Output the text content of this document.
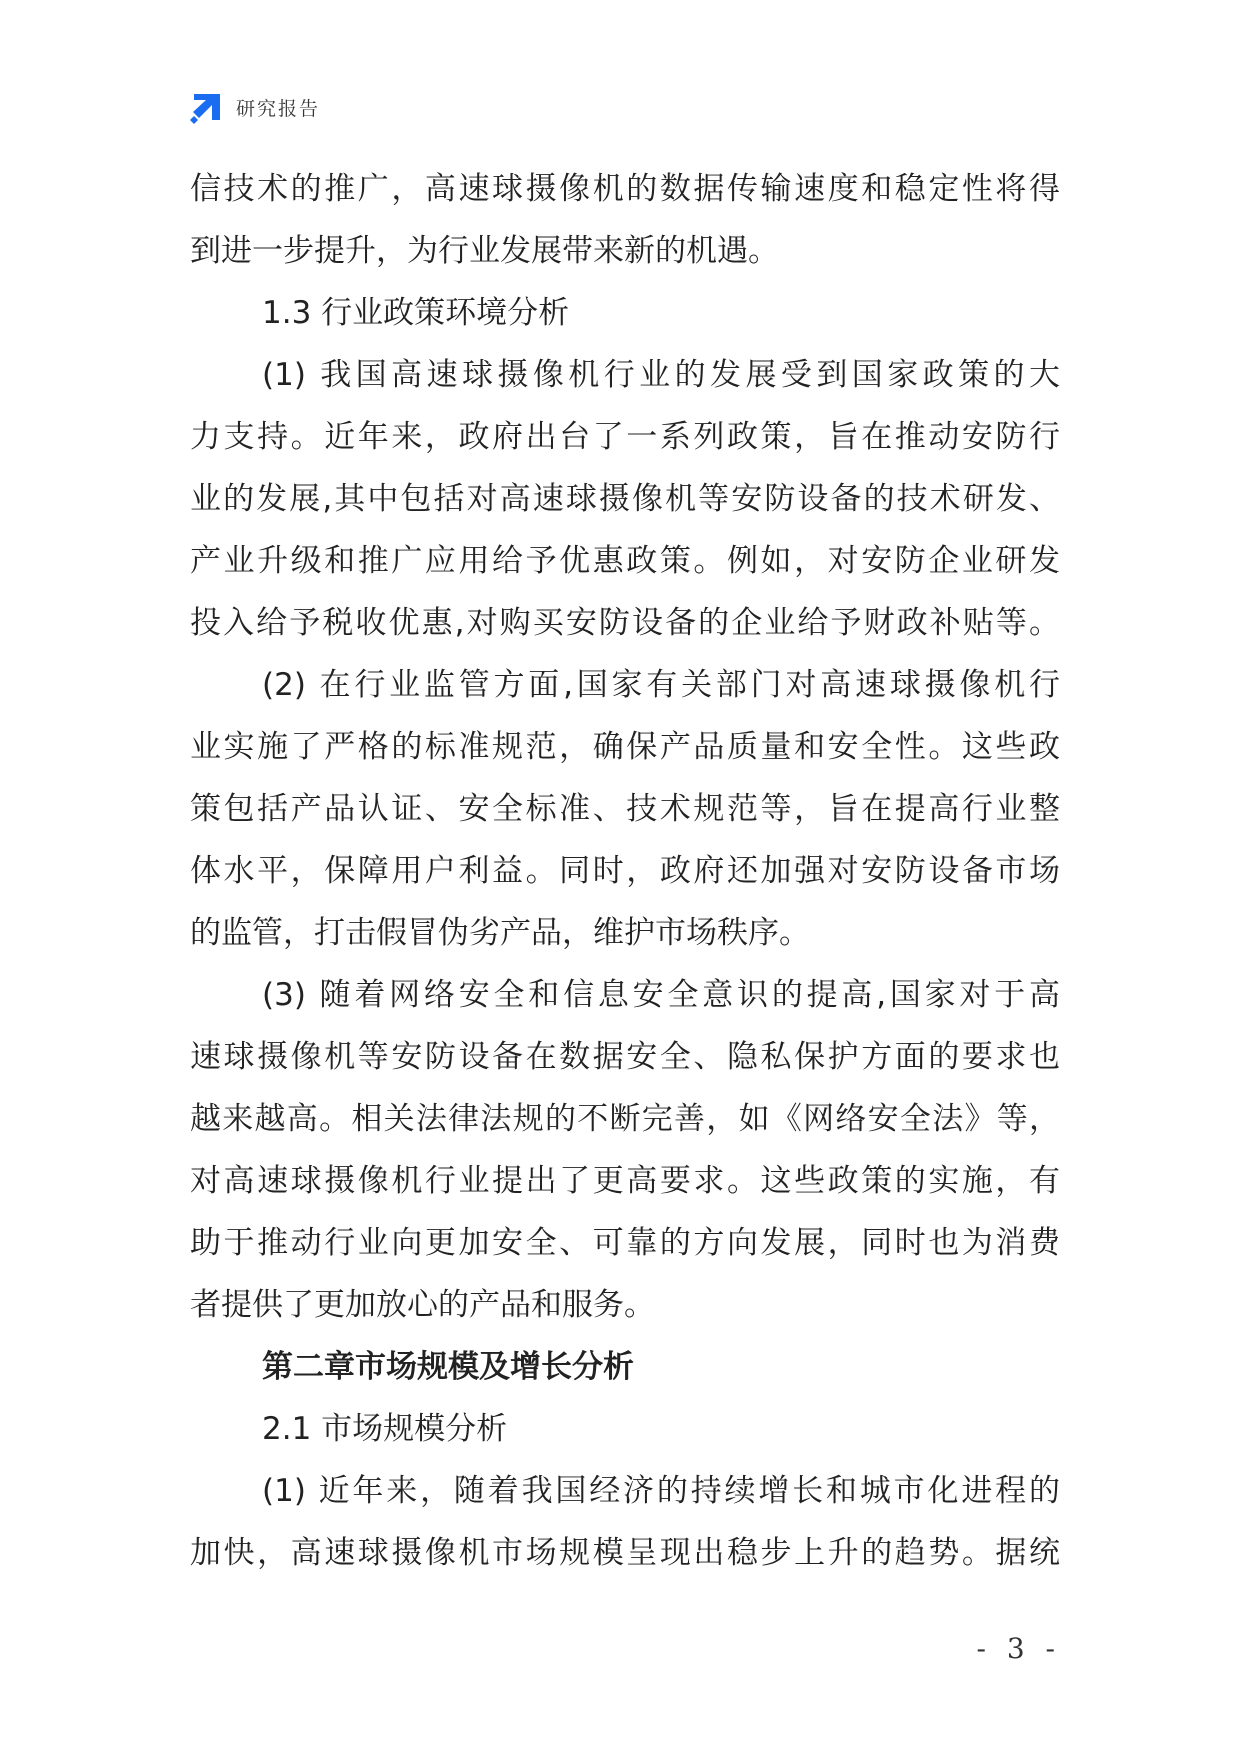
研究报告
信技术的推广，高速球摄像机的数据传输速度和稳定性将得
到进一步提升，为行业发展带来新的机遇。
1.3 行业政策环境分析
(1) 我国高速球摄像机行业的发展受到国家政策的大
力支持。近年来，政府出台了一系列政策，旨在推动安防行
业的发展,其中包括对高速球摄像机等安防设备的技术研发、
产业升级和推广应用给予优惠政策。例如，对安防企业研发
投入给予税收优惠,对购买安防设备的企业给予财政补贴等。
(2) 在行业监管方面,国家有关部门对高速球摄像机行
业实施了严格的标准规范，确保产品质量和安全性。这些政
策包括产品认证、安全标准、技术规范等，旨在提高行业整
体水平，保障用户利益。同时，政府还加强对安防设备市场
的监管，打击假冒伪劣产品，维护市场秩序。
(3) 随着网络安全和信息安全意识的提高,国家对于高
速球摄像机等安防设备在数据安全、隐私保护方面的要求也
越来越高。相关法律法规的不断完善，如《网络安全法》等，
对高速球摄像机行业提出了更高要求。这些政策的实施，有
助于推动行业向更加安全、可靠的方向发展，同时也为消费
者提供了更加放心的产品和服务。
第二章市场规模及增长分析
2.1 市场规模分析
(1) 近年来，随着我国经济的持续增长和城市化进程的
加快，高速球摄像机市场规模呈现出稳步上升的趋势。据统
- 3 -
